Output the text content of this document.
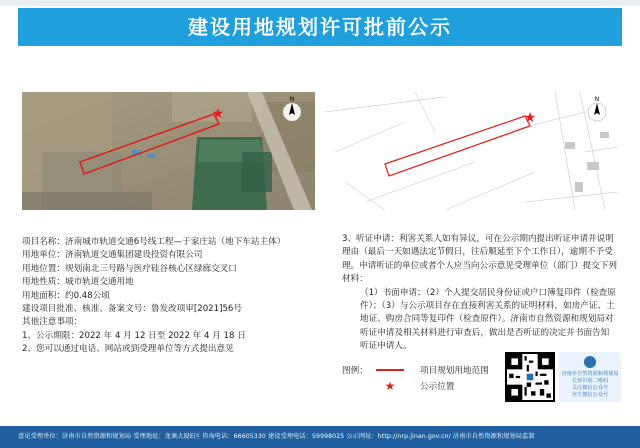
建设用地规划许可批前公示
★
N
★
N
项目名称：济南城市轨道交通6号线工程—于家庄站（地下车站主体）
用地单位：济南轨道交通集团建设投资有限公司
用地位置：规划南北三号路与医疗硅谷核心区绿廊交叉口
用地性质：城市轨道交通用地
用地面积：约0.48公顷
建设项目批准、核准、备案文号：鲁发改项审[2021]56号
其他注意事项：
1、公示期限：2022 年 4 月 12 日至 2022 年 4 月 18 日
2、您可以通过电话、网站或到受理单位等方式提出意见

3、听证申请：利害关系人如有异议，可在公示期内提出听证申请并说明理由（最后一天如遇法定节假日，往后顺延至下个工作日），逾期不予受理。申请听证的单位或者个人应当向公示意见受理单位（部门）提交下列材料：

（1）书面申请；（2）个人提交居民身份证或户口簿复印件（检查原件）；（3）与公示项目存在直接利害关系的证明材料，如房产证、土地证、购房合同等复印件（检查原件）。济南市自然资源和规划局对听证申请及相关材料进行审查后，做出是否听证的决定并书面告知听证申请人。

图例：	项目规划用地范围
★	公示位置
济南市自然资源和规划局
长按识别二维码
关注微信公众号
官方微信公众号
意见受理单位：济南市自然资源和规划局 受理地址：龙奥大厦E区 咨询电话：66605330 建设受理电话：59998025 公示网址：http://nrp.jinan.gov.cn/ 济南市自然资源和规划局监制
